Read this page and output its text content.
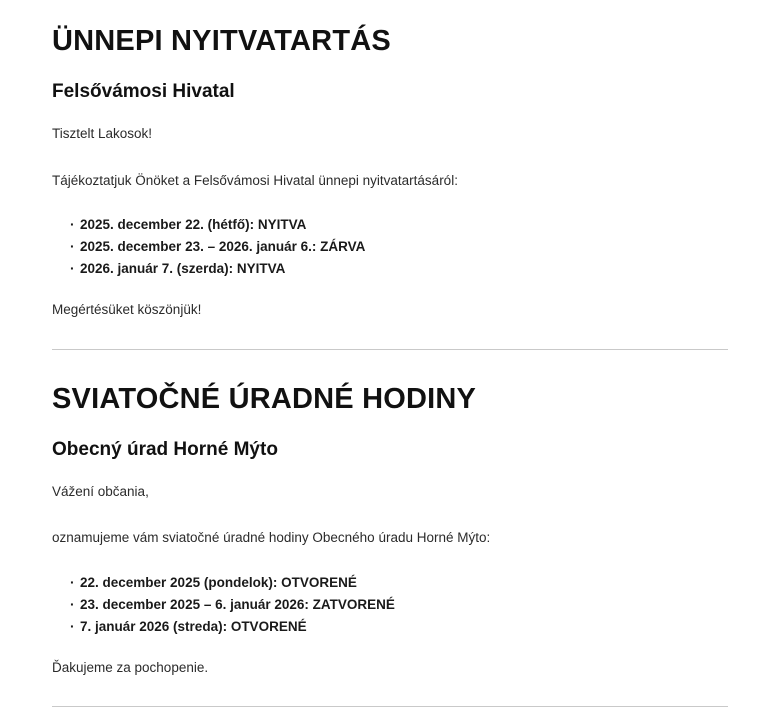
ÜNNEPI NYITVATARTÁS
Felsővámosi Hivatal

Tisztelt Lakosok!

Tájékoztatjuk Önöket a Felsővámosi Hivatal ünnepi nyitvatartásáról:

· 2025. december 22. (hétfő): NYITVA
· 2025. december 23. – 2026. január 6.: ZÁRVA
· 2026. január 7. (szerda): NYITVA

Megértésüket köszönjük!

SVIATOČNÉ ÚRADNÉ HODINY
Obecný úrad Horné Mýto

Vážení občania,

oznamujeme vám sviatočné úradné hodiny Obecného úradu Horné Mýto:

· 22. december 2025 (pondelok): OTVORENÉ
· 23. december 2025 – 6. január 2026: ZATVORENÉ
· 7. január 2026 (streda): OTVORENÉ

Ďakujeme za pochopenie.
